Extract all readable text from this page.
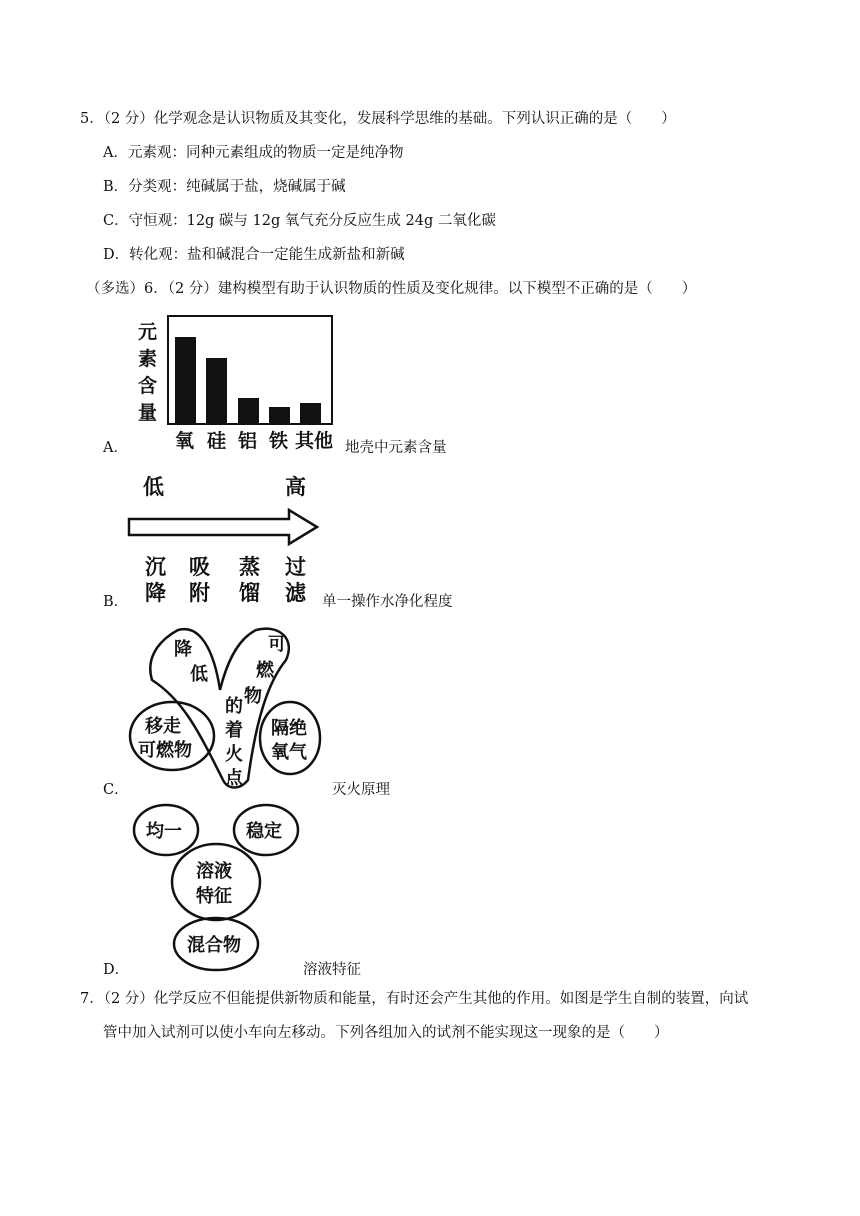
5．（2 分）化学观念是认识物质及其变化，发展科学思维的基础。下列认识正确的是（　　）
A．元素观：同种元素组成的物质一定是纯净物
B．分类观：纯碱属于盐，烧碱属于碱
C．守恒观：12g 碳与 12g 氧气充分反应生成 24g 二氧化碳
D．转化观：盐和碱混合一定能生成新盐和新碱
（多选）6．（2 分）建构模型有助于认识物质的性质及变化规律。以下模型不正确的是（　　）
A．
元
素
含
量
氧 硅 铝 铁 其他 地壳中元素含量
B．
低	高
沉
降
吸
附
蒸
馏
过
滤 单一操作水净化程度
C．
降
低
可
燃
物
的
着
火
点
移走
可燃物
隔绝
氧气
灭火原理
D．
均一	稳定
溶液
特征
混合物
溶液特征
7．（2 分）化学反应不但能提供新物质和能量，有时还会产生其他的作用。如图是学生自制的装置，向试
管中加入试剂可以使小车向左移动。下列各组加入的试剂不能实现这一现象的是（　　）
